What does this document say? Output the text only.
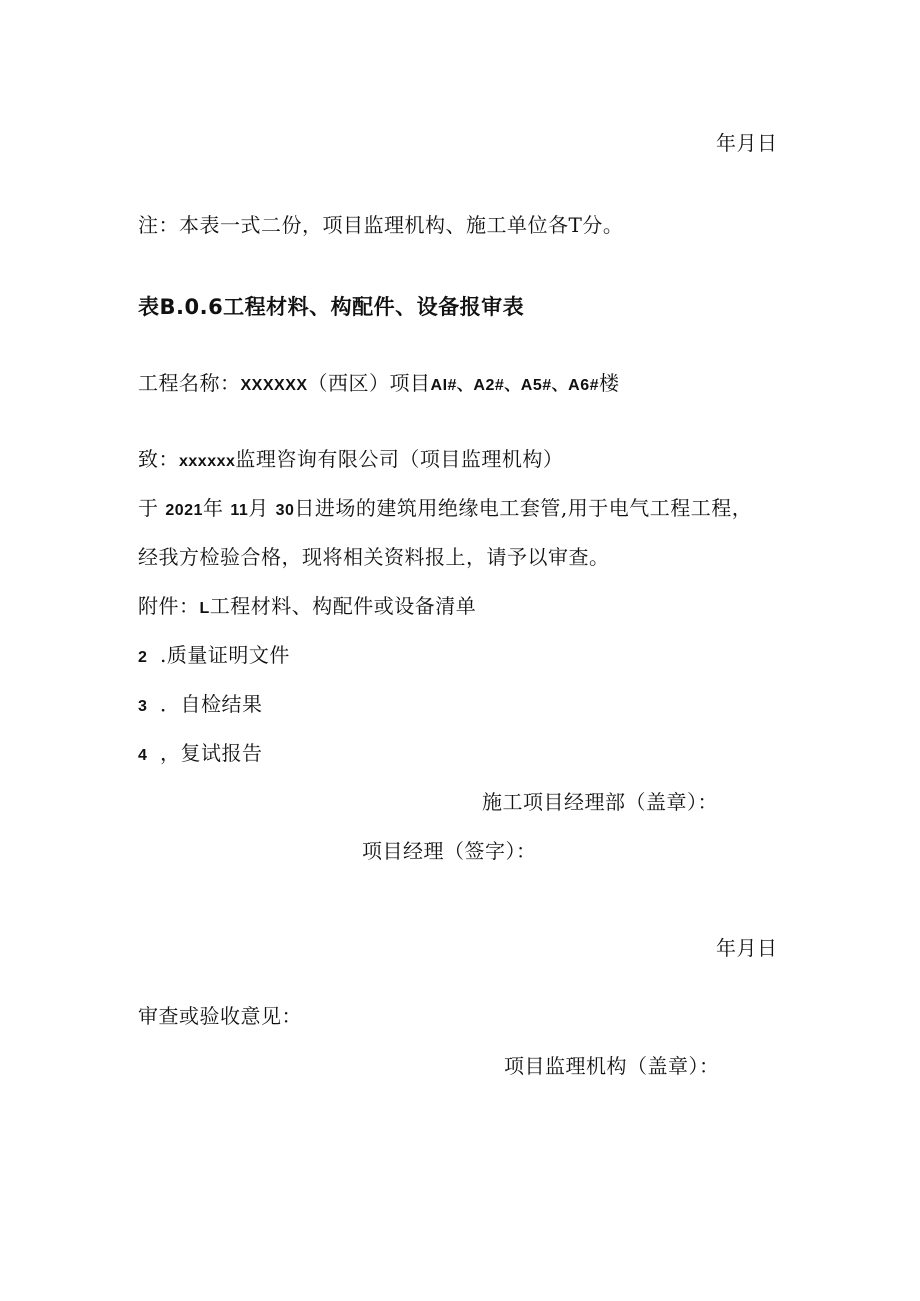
年月日
注：本表一式二份，项目监理机构、施工单位各T分。
表B.0.6工程材料、构配件、设备报审表
工程名称：XXXXXX（西区）项目AI#、A2#、A5#、A6#楼
致：xxxxxx监理咨询有限公司（项目监理机构）
于 2021年 11月 30日进场的建筑用绝缘电工套管,用于电气工程工程，
经我方检验合格，现将相关资料报上，请予以审查。
附件：L工程材料、构配件或设备清单
2 .质量证明文件
3 ．自检结果
4 ，复试报告
施工项目经理部（盖章）：
项目经理（签字）：
年月日
审查或验收意见：
项目监理机构（盖章）：
